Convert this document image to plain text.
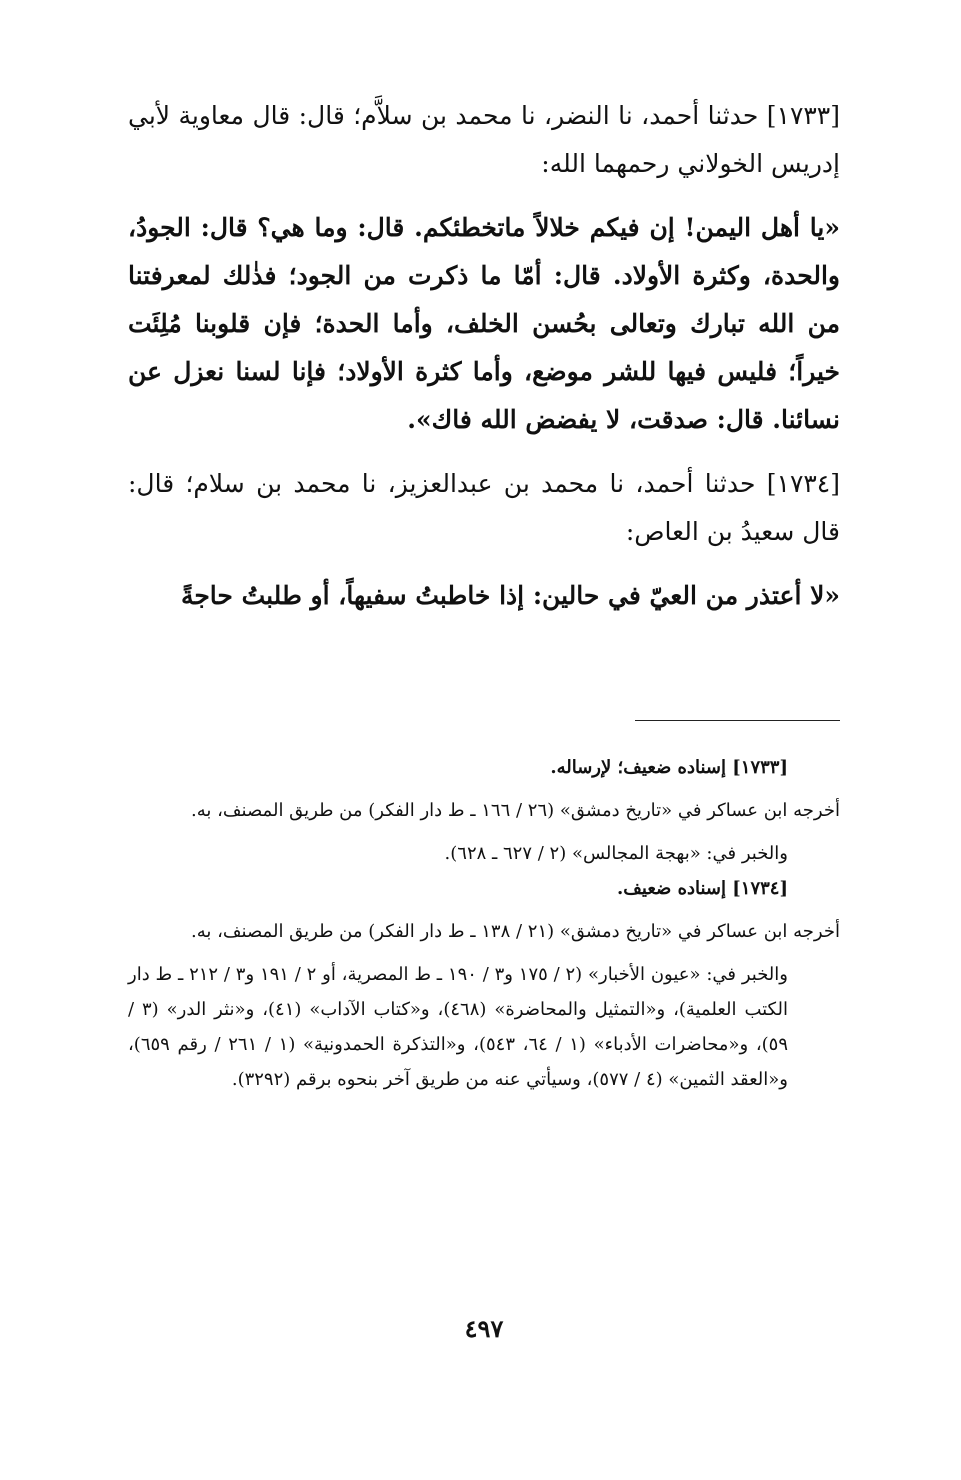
[١٧٣٣] حدثنا أحمد، نا النضر، نا محمد بن سلاَّم؛ قال: قال معاوية لأبي إدريس الخولاني رحمهما الله:

«يا أهل اليمن! إن فيكم خلالاً ماتخطئكم. قال: وما هي؟ قال: الجودُ، والحدة، وكثرة الأولاد. قال: أمّا ما ذكرت من الجود؛ فذٰلك لمعرفتنا من الله تبارك وتعالى بحُسن الخلف، وأما الحدة؛ فإن قلوبنا مُلِئَت خيراً؛ فليس فيها للشر موضع، وأما كثرة الأولاد؛ فإنا لسنا نعزل عن نسائنا. قال: صدقت، لا يفضض الله فاك».

[١٧٣٤] حدثنا أحمد، نا محمد بن عبدالعزيز، نا محمد بن سلام؛ قال: قال سعيدُ بن العاص:

«لا أعتذر من العيّ في حالين: إذا خاطبتُ سفيهاً، أو طلبتُ حاجةً

[١٧٣٣] إسناده ضعيف؛ لإرساله.

أخرجه ابن عساكر في «تاريخ دمشق» (٢٦ / ١٦٦ ـ ط دار الفكر) من طريق المصنف، به.

والخبر في: «بهجة المجالس» (٢ / ٦٢٧ ـ ٦٢٨).

[١٧٣٤] إسناده ضعيف.

أخرجه ابن عساكر في «تاريخ دمشق» (٢١ / ١٣٨ ـ ط دار الفكر) من طريق المصنف، به.

والخبر في: «عيون الأخبار» (٢ / ١٧٥ و٣ / ١٩٠ ـ ط المصرية، أو ٢ / ١٩١ و٣ / ٢١٢ ـ ط دار الكتب العلمية)، و«التمثيل والمحاضرة» (٤٦٨)، و«كتاب الآداب» (٤١)، و«نثر الدر» (٣ / ٥٩)، و«محاضرات الأدباء» (١ / ٦٤، ٥٤٣)، و«التذكرة الحمدونية» (١ / ٢٦١ / رقم ٦٥٩)، و«العقد الثمين» (٤ / ٥٧٧)، وسيأتي عنه من طريق آخر بنحوه برقم (٣٢٩٢).

٤٩٧
